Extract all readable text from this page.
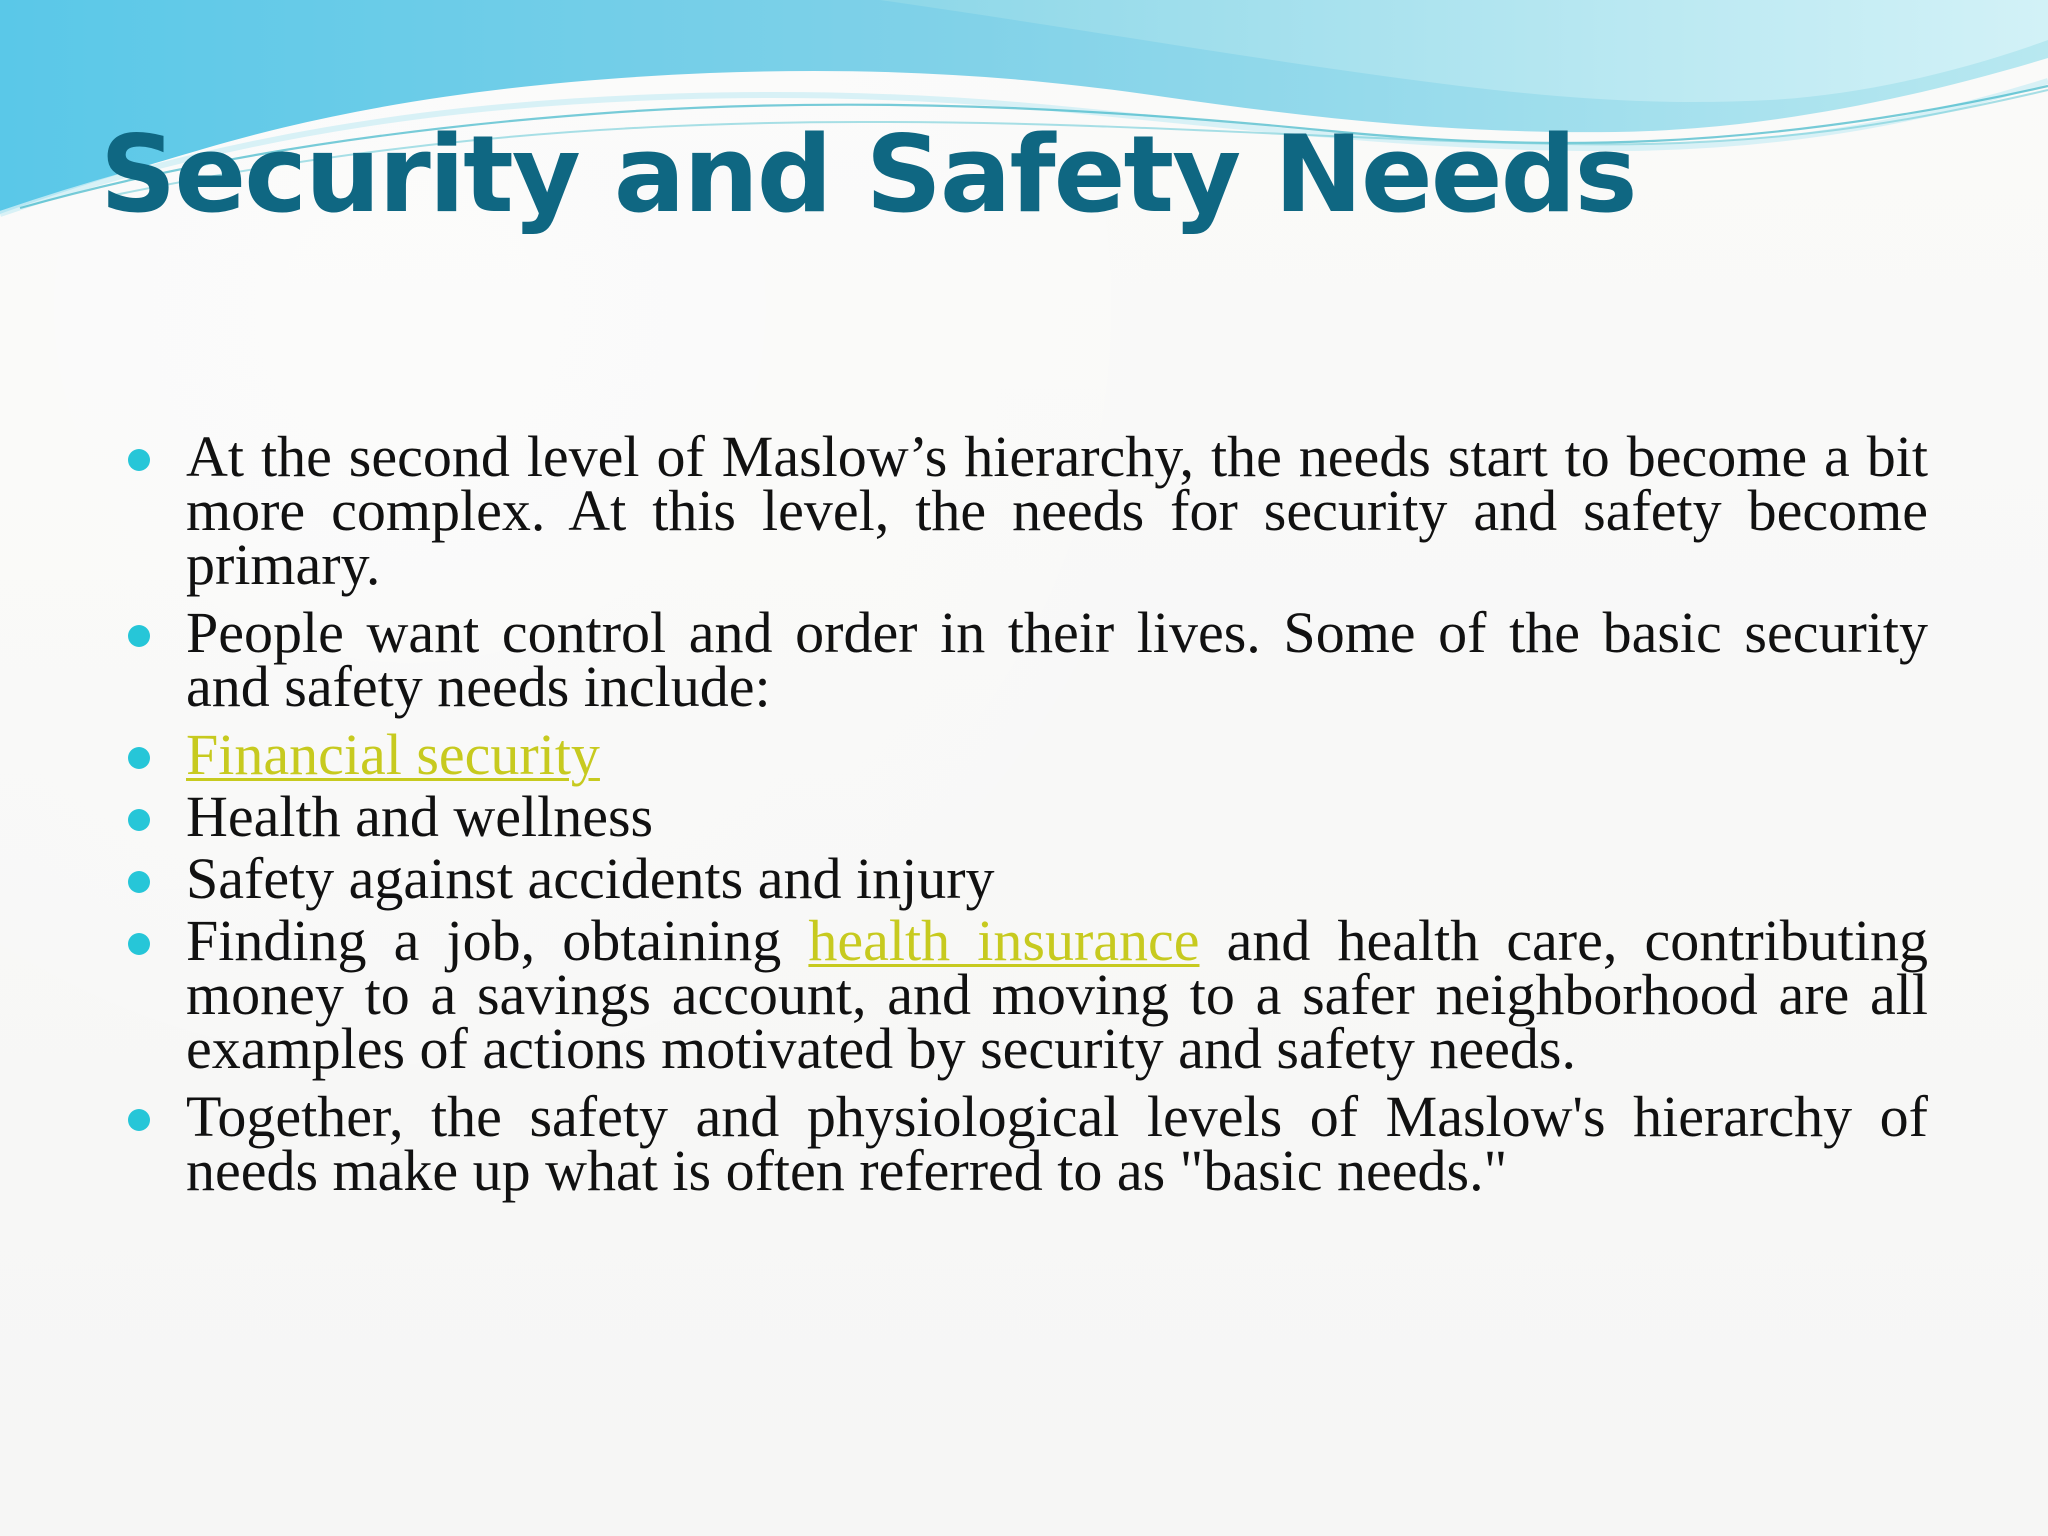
Security and Safety Needs
At the second level of Maslow’s hierarchy, the needs start to become a bit more complex. At this level, the needs for security and safety become primary.
People want control and order in their lives. Some of the basic security and safety needs include:
Financial security
Health and wellness
Safety against accidents and injury
Finding a job, obtaining health insurance and health care, contributing money to a savings account, and moving to a safer neighborhood are all examples of actions motivated by security and safety needs.
Together, the safety and physiological levels of Maslow's hierarchy of needs make up what is often referred to as "basic needs."
